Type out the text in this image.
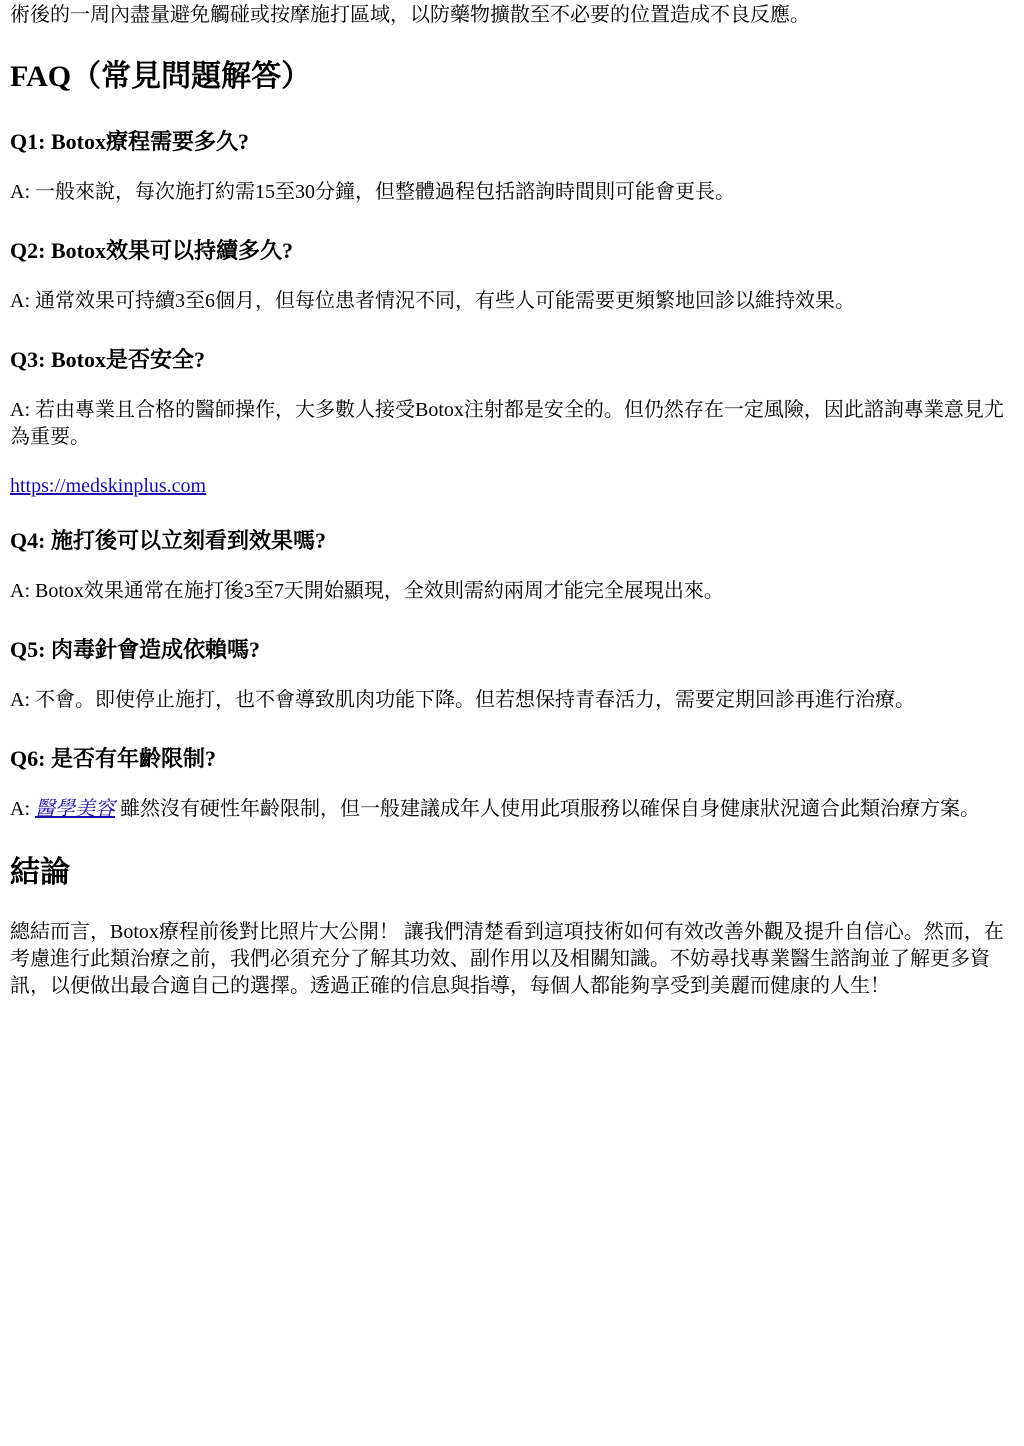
術後的一周內盡量避免觸碰或按摩施打區域，以防藥物擴散至不必要的位置造成不良反應。

FAQ（常見問題解答）
Q1: Botox療程需要多久?

A: 一般來說，每次施打約需15至30分鐘，但整體過程包括諮詢時間則可能會更長。

Q2: Botox效果可以持續多久?

A: 通常效果可持續3至6個月，但每位患者情況不同，有些人可能需要更頻繁地回診以維持效果。

Q3: Botox是否安全?

A: 若由專業且合格的醫師操作，大多數人接受Botox注射都是安全的。但仍然存在一定風險，因此諮詢專業意見尤為重要。

https://medskinplus.com

Q4: 施打後可以立刻看到效果嗎?

A: Botox效果通常在施打後3至7天開始顯現，全效則需約兩周才能完全展現出來。

Q5: 肉毒針會造成依賴嗎?

A: 不會。即使停止施打，也不會導致肌肉功能下降。但若想保持青春活力，需要定期回診再進行治療。

Q6: 是否有年齡限制?

A: 醫學美容 雖然沒有硬性年齡限制，但一般建議成年人使用此項服務以確保自身健康狀況適合此類治療方案。

結論

總結而言，Botox療程前後對比照片大公開！ 讓我們清楚看到這項技術如何有效改善外觀及提升自信心。然而，在考慮進行此類治療之前，我們必須充分了解其功效、副作用以及相關知識。不妨尋找專業醫生諮詢並了解更多資訊，以便做出最合適自己的選擇。透過正確的信息與指導，每個人都能夠享受到美麗而健康的人生！
